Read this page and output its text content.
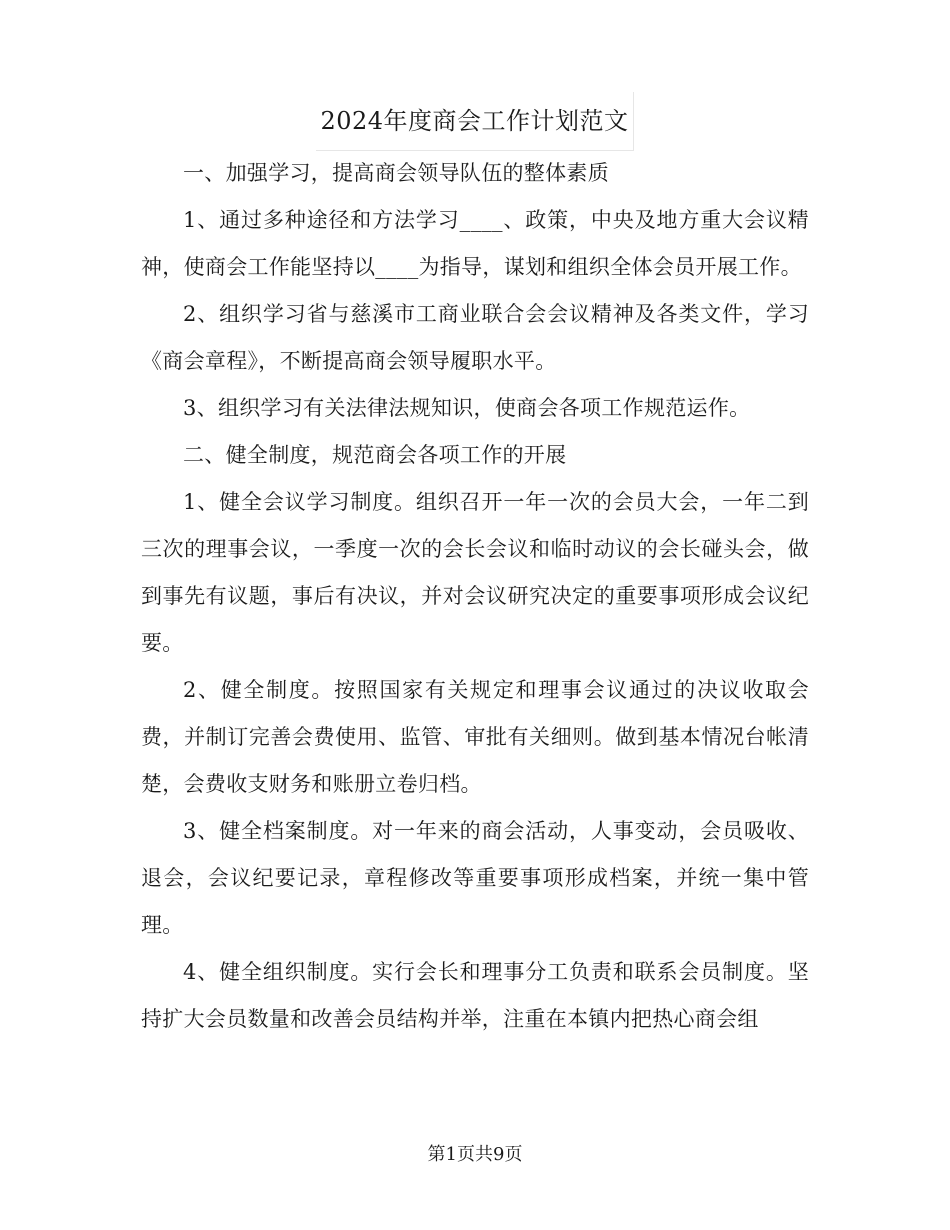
2024年度商会工作计划范文

一、加强学习，提高商会领导队伍的整体素质

1、通过多种途径和方法学习____、政策，中央及地方重大会议精神，使商会工作能坚持以____为指导，谋划和组织全体会员开展工作。

2、组织学习省与慈溪市工商业联合会会议精神及各类文件，学习《商会章程》，不断提高商会领导履职水平。

3、组织学习有关法律法规知识，使商会各项工作规范运作。

二、健全制度，规范商会各项工作的开展

1、健全会议学习制度。组织召开一年一次的会员大会，一年二到三次的理事会议，一季度一次的会长会议和临时动议的会长碰头会，做到事先有议题，事后有决议，并对会议研究决定的重要事项形成会议纪要。

2、健全制度。按照国家有关规定和理事会议通过的决议收取会费，并制订完善会费使用、监管、审批有关细则。做到基本情况台帐清楚，会费收支财务和账册立卷归档。

3、健全档案制度。对一年来的商会活动，人事变动，会员吸收、退会，会议纪要记录，章程修改等重要事项形成档案，并统一集中管理。

4、健全组织制度。实行会长和理事分工负责和联系会员制度。坚持扩大会员数量和改善会员结构并举，注重在本镇内把热心商会组

第1页共9页
